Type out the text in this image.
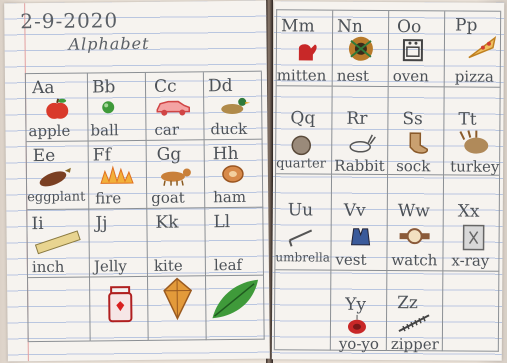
2-9-2020
Alphabet
Aa
apple
Bb
ball
Cc
car
Dd
duck
Ee
eggplant
Ff
fire
Gg
goat
Hh
ham
Ii
inch
Jj
Jelly
Kk
kite
Ll
leaf
Mm
mitten
Nn
nest
Oo
oven
Pp
pizza
Qq
quarter
Rr
Rabbit
Ss
sock
Tt
turkey
Uu
umbrella
Vv
vest
Ww
watch
Xx
x-ray
Yy
yo-yo
Zz
zipper
